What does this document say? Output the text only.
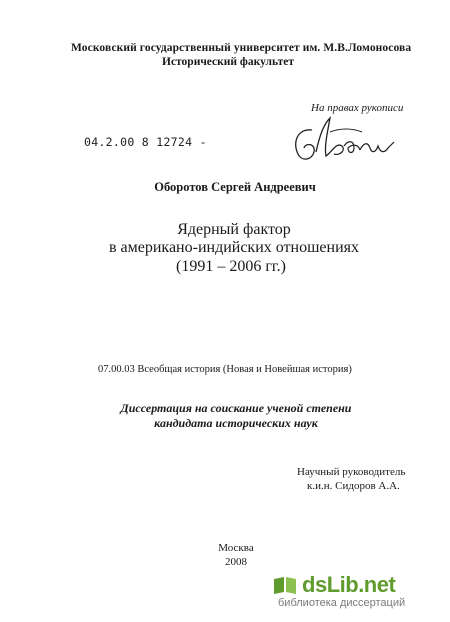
Московский государственный университет им. М.В.Ломоносова
Исторический факультет
На правах рукописи
04.2.00 8 12724 -
Оборотов Сергей Андреевич
Ядерный фактор
в американо-индийских отношениях
(1991 – 2006 гг.)
07.00.03 Всеобщая история (Новая и Новейшая история)
Диссертация на соискание ученой степени
кандидата исторических наук
Научный руководитель
к.и.н. Сидоров А.А.
Москва
2008
dsLib.net
библиотека диссертаций
